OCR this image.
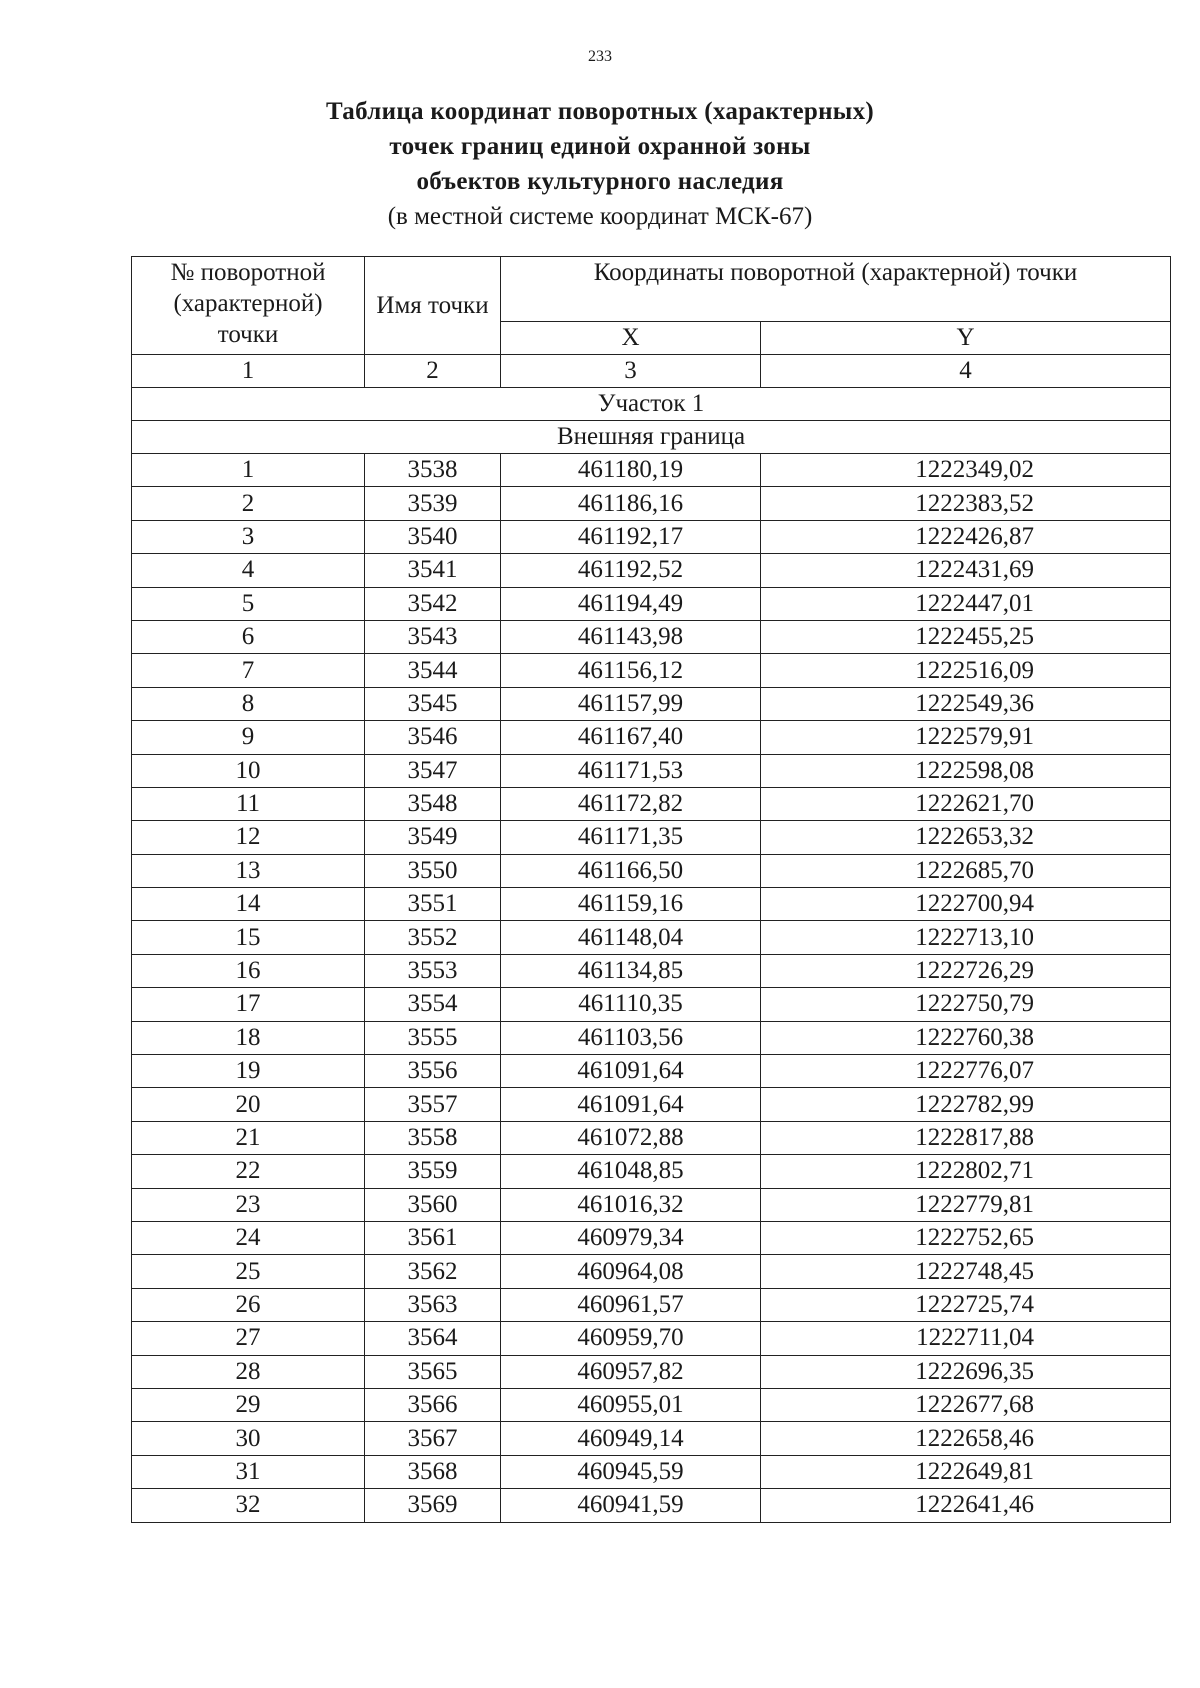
233
Таблица координат поворотных (характерных)
точек границ единой охранной зоны
объектов культурного наследия
(в местной системе координат МСК-67)
№ поворотной (характерной) точки	Имя точки	Координаты поворотной (характерной) точки	
		X	Y
1	2	3	4
Участок 1			
Внешняя граница			
1	3538	461180,19	1222349,02
2	3539	461186,16	1222383,52
3	3540	461192,17	1222426,87
4	3541	461192,52	1222431,69
5	3542	461194,49	1222447,01
6	3543	461143,98	1222455,25
7	3544	461156,12	1222516,09
8	3545	461157,99	1222549,36
9	3546	461167,40	1222579,91
10	3547	461171,53	1222598,08
11	3548	461172,82	1222621,70
12	3549	461171,35	1222653,32
13	3550	461166,50	1222685,70
14	3551	461159,16	1222700,94
15	3552	461148,04	1222713,10
16	3553	461134,85	1222726,29
17	3554	461110,35	1222750,79
18	3555	461103,56	1222760,38
19	3556	461091,64	1222776,07
20	3557	461091,64	1222782,99
21	3558	461072,88	1222817,88
22	3559	461048,85	1222802,71
23	3560	461016,32	1222779,81
24	3561	460979,34	1222752,65
25	3562	460964,08	1222748,45
26	3563	460961,57	1222725,74
27	3564	460959,70	1222711,04
28	3565	460957,82	1222696,35
29	3566	460955,01	1222677,68
30	3567	460949,14	1222658,46
31	3568	460945,59	1222649,81
32	3569	460941,59	1222641,46
